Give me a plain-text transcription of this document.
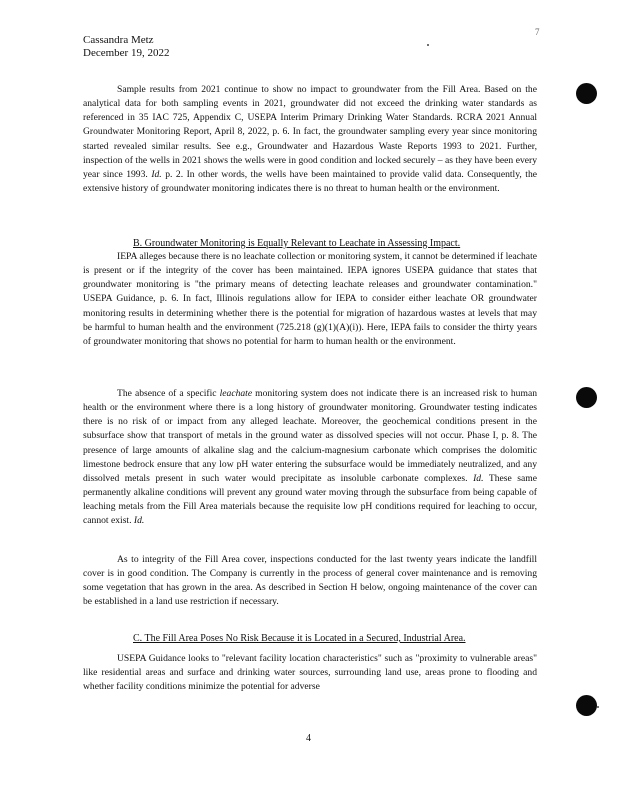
7
Cassandra Metz
December 19, 2022

Sample results from 2021 continue to show no impact to groundwater from the Fill Area. Based on the analytical data for both sampling events in 2021, groundwater did not exceed the drinking water standards as referenced in 35 IAC 725, Appendix C, USEPA Interim Primary Drinking Water Standards. RCRA 2021 Annual Groundwater Monitoring Report, April 8, 2022, p. 6. In fact, the groundwater sampling every year since monitoring started revealed similar results. See e.g., Groundwater and Hazardous Waste Reports 1993 to 2021. Further, inspection of the wells in 2021 shows the wells were in good condition and locked securely – as they have been every year since 1993. Id. p. 2. In other words, the wells have been maintained to provide valid data. Consequently, the extensive history of groundwater monitoring indicates there is no threat to human health or the environment.

B. Groundwater Monitoring is Equally Relevant to Leachate in Assessing Impact.

IEPA alleges because there is no leachate collection or monitoring system, it cannot be determined if leachate is present or if the integrity of the cover has been maintained. IEPA ignores USEPA guidance that states that groundwater monitoring is "the primary means of detecting leachate releases and groundwater contamination." USEPA Guidance, p. 6. In fact, Illinois regulations allow for IEPA to consider either leachate OR groundwater monitoring results in determining whether there is the potential for migration of hazardous wastes at levels that may be harmful to human health and the environment (725.218 (g)(1)(A)(i)). Here, IEPA fails to consider the thirty years of groundwater monitoring that shows no potential for harm to human health or the environment.

The absence of a specific leachate monitoring system does not indicate there is an increased risk to human health or the environment where there is a long history of groundwater monitoring. Groundwater testing indicates there is no risk of or impact from any alleged leachate. Moreover, the geochemical conditions present in the subsurface show that transport of metals in the ground water as dissolved species will not occur. Phase I, p. 8. The presence of large amounts of alkaline slag and the calcium-magnesium carbonate which comprises the dolomitic limestone bedrock ensure that any low pH water entering the subsurface would be immediately neutralized, and any dissolved metals present in such water would precipitate as insoluble carbonate complexes. Id. These same permanently alkaline conditions will prevent any ground water moving through the subsurface from being capable of leaching metals from the Fill Area materials because the requisite low pH conditions required for leaching to occur, cannot exist. Id.

As to integrity of the Fill Area cover, inspections conducted for the last twenty years indicate the landfill cover is in good condition. The Company is currently in the process of general cover maintenance and is removing some vegetation that has grown in the area. As described in Section H below, ongoing maintenance of the cover can be established in a land use restriction if necessary.

C. The Fill Area Poses No Risk Because it is Located in a Secured, Industrial Area.

USEPA Guidance looks to "relevant facility location characteristics" such as "proximity to vulnerable areas" like residential areas and surface and drinking water sources, surrounding land use, areas prone to flooding and whether facility conditions minimize the potential for adverse

4
